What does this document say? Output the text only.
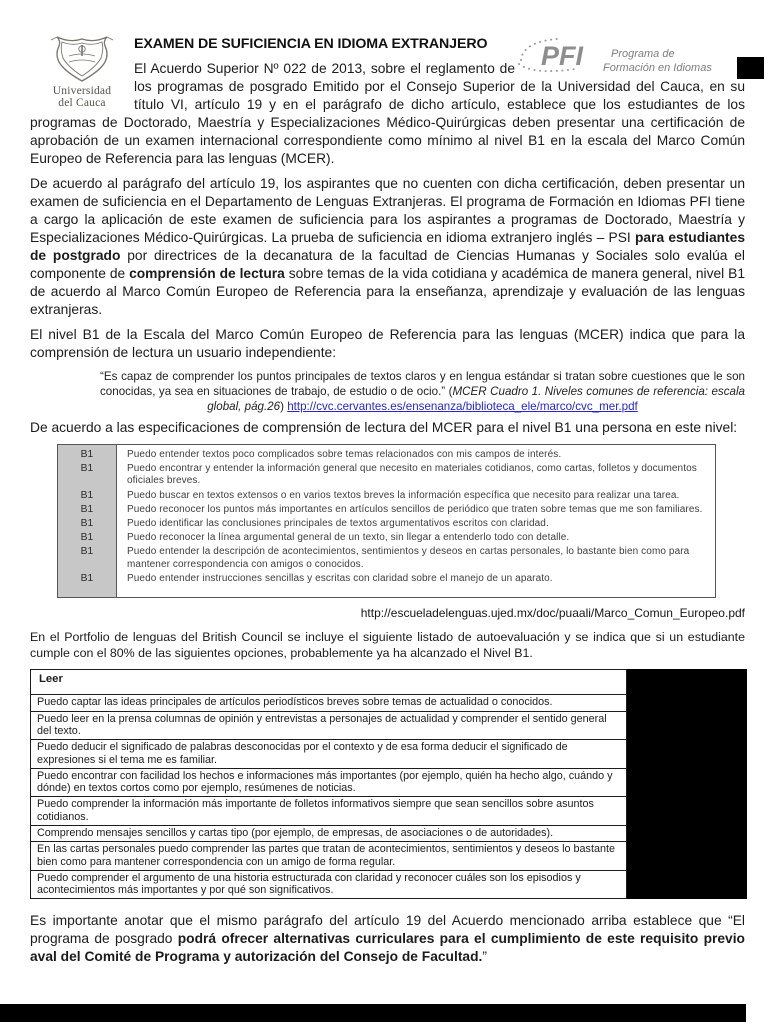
Universidad
del Cauca
PFI	Programa de
Formación en Idiomas
EXAMEN DE SUFICIENCIA EN IDIOMA EXTRANJERO

El Acuerdo Superior Nº 022 de 2013, sobre el reglamento de los programas de posgrado Emitido por el Consejo Superior de la Universidad del Cauca, en su título VI, artículo 19 y en el parágrafo de dicho artículo, establece que los estudiantes de los programas de Doctorado, Maestría y Especializaciones Médico-Quirúrgicas deben presentar una certificación de aprobación de un examen internacional correspondiente como mínimo al nivel B1 en la escala del Marco Común Europeo de Referencia para las lenguas (MCER).

De acuerdo al parágrafo del artículo 19, los aspirantes que no cuenten con dicha certificación, deben presentar un examen de suficiencia en el Departamento de Lenguas Extranjeras. El programa de Formación en Idiomas PFI tiene a cargo la aplicación de este examen de suficiencia para los aspirantes a programas de Doctorado, Maestría y Especializaciones Médico-Quirúrgicas. La prueba de suficiencia en idioma extranjero inglés – PSI para estudiantes de postgrado por directrices de la decanatura de la facultad de Ciencias Humanas y Sociales solo evalúa el componente de comprensión de lectura sobre temas de la vida cotidiana y académica de manera general, nivel B1 de acuerdo al Marco Común Europeo de Referencia para la enseñanza, aprendizaje y evaluación de las lenguas extranjeras.

El nivel B1 de la Escala del Marco Común Europeo de Referencia para las lenguas (MCER) indica que para la comprensión de lectura un usuario independiente:

“Es capaz de comprender los puntos principales de textos claros y en lengua estándar si tratan sobre cuestiones que le son conocidas, ya sea en situaciones de trabajo, de estudio o de ocio.” (MCER Cuadro 1. Niveles comunes de referencia: escala global, pág.26) http://cvc.cervantes.es/ensenanza/biblioteca_ele/marco/cvc_mer.pdf

De acuerdo a las especificaciones de comprensión de lectura del MCER para el nivel B1 una persona en este nivel:

B1	Puedo entender textos poco complicados sobre temas relacionados con mis campos de interés.
B1	Puedo encontrar y entender la información general que necesito en materiales cotidianos, como cartas, folletos y documentos oficiales breves.
B1	Puedo buscar en textos extensos o en varios textos breves la información específica que necesito para realizar una tarea.
B1	Puedo reconocer los puntos más importantes en artículos sencillos de periódico que traten sobre temas que me son familiares.
B1	Puedo identificar las conclusiones principales de textos argumentativos escritos con claridad.
B1	Puedo reconocer la línea argumental general de un texto, sin llegar a entenderlo todo con detalle.
B1	Puedo entender la descripción de acontecimientos, sentimientos y deseos en cartas personales, lo bastante bien como para mantener correspondencia con amigos o conocidos.
B1	Puedo entender instrucciones sencillas y escritas con claridad sobre el manejo de un aparato.
http://escueladelenguas.ujed.mx/doc/puaali/Marco_Comun_Europeo.pdf

En el Portfolio de lenguas del British Council se incluye el siguiente listado de autoevaluación y se indica que si un estudiante cumple con el 80% de las siguientes opciones, probablemente ya ha alcanzado el Nivel B1.

Leer
Puedo captar las ideas principales de artículos periodísticos breves sobre temas de actualidad o conocidos.
Puedo leer en la prensa columnas de opinión y entrevistas a personajes de actualidad y comprender el sentido general del texto.
Puedo deducir el significado de palabras desconocidas por el contexto y de esa forma deducir el significado de expresiones si el tema me es familiar.
Puedo encontrar con facilidad los hechos e informaciones más importantes (por ejemplo, quién ha hecho algo, cuándo y dónde) en textos cortos como por ejemplo, resúmenes de noticias.
Puedo comprender la información más importante de folletos informativos siempre que sean sencillos sobre asuntos cotidianos.
Comprendo mensajes sencillos y cartas tipo (por ejemplo, de empresas, de asociaciones o de autoridades).
En las cartas personales puedo comprender las partes que tratan de acontecimientos, sentimientos y deseos lo bastante bien como para mantener correspondencia con un amigo de forma regular.
Puedo comprender el argumento de una historia estructurada con claridad y reconocer cuáles son los episodios y acontecimientos más importantes y por qué son significativos.

Es importante anotar que el mismo parágrafo del artículo 19 del Acuerdo mencionado arriba establece que “El programa de posgrado podrá ofrecer alternativas curriculares para el cumplimiento de este requisito previo aval del Comité de Programa y autorización del Consejo de Facultad.”
